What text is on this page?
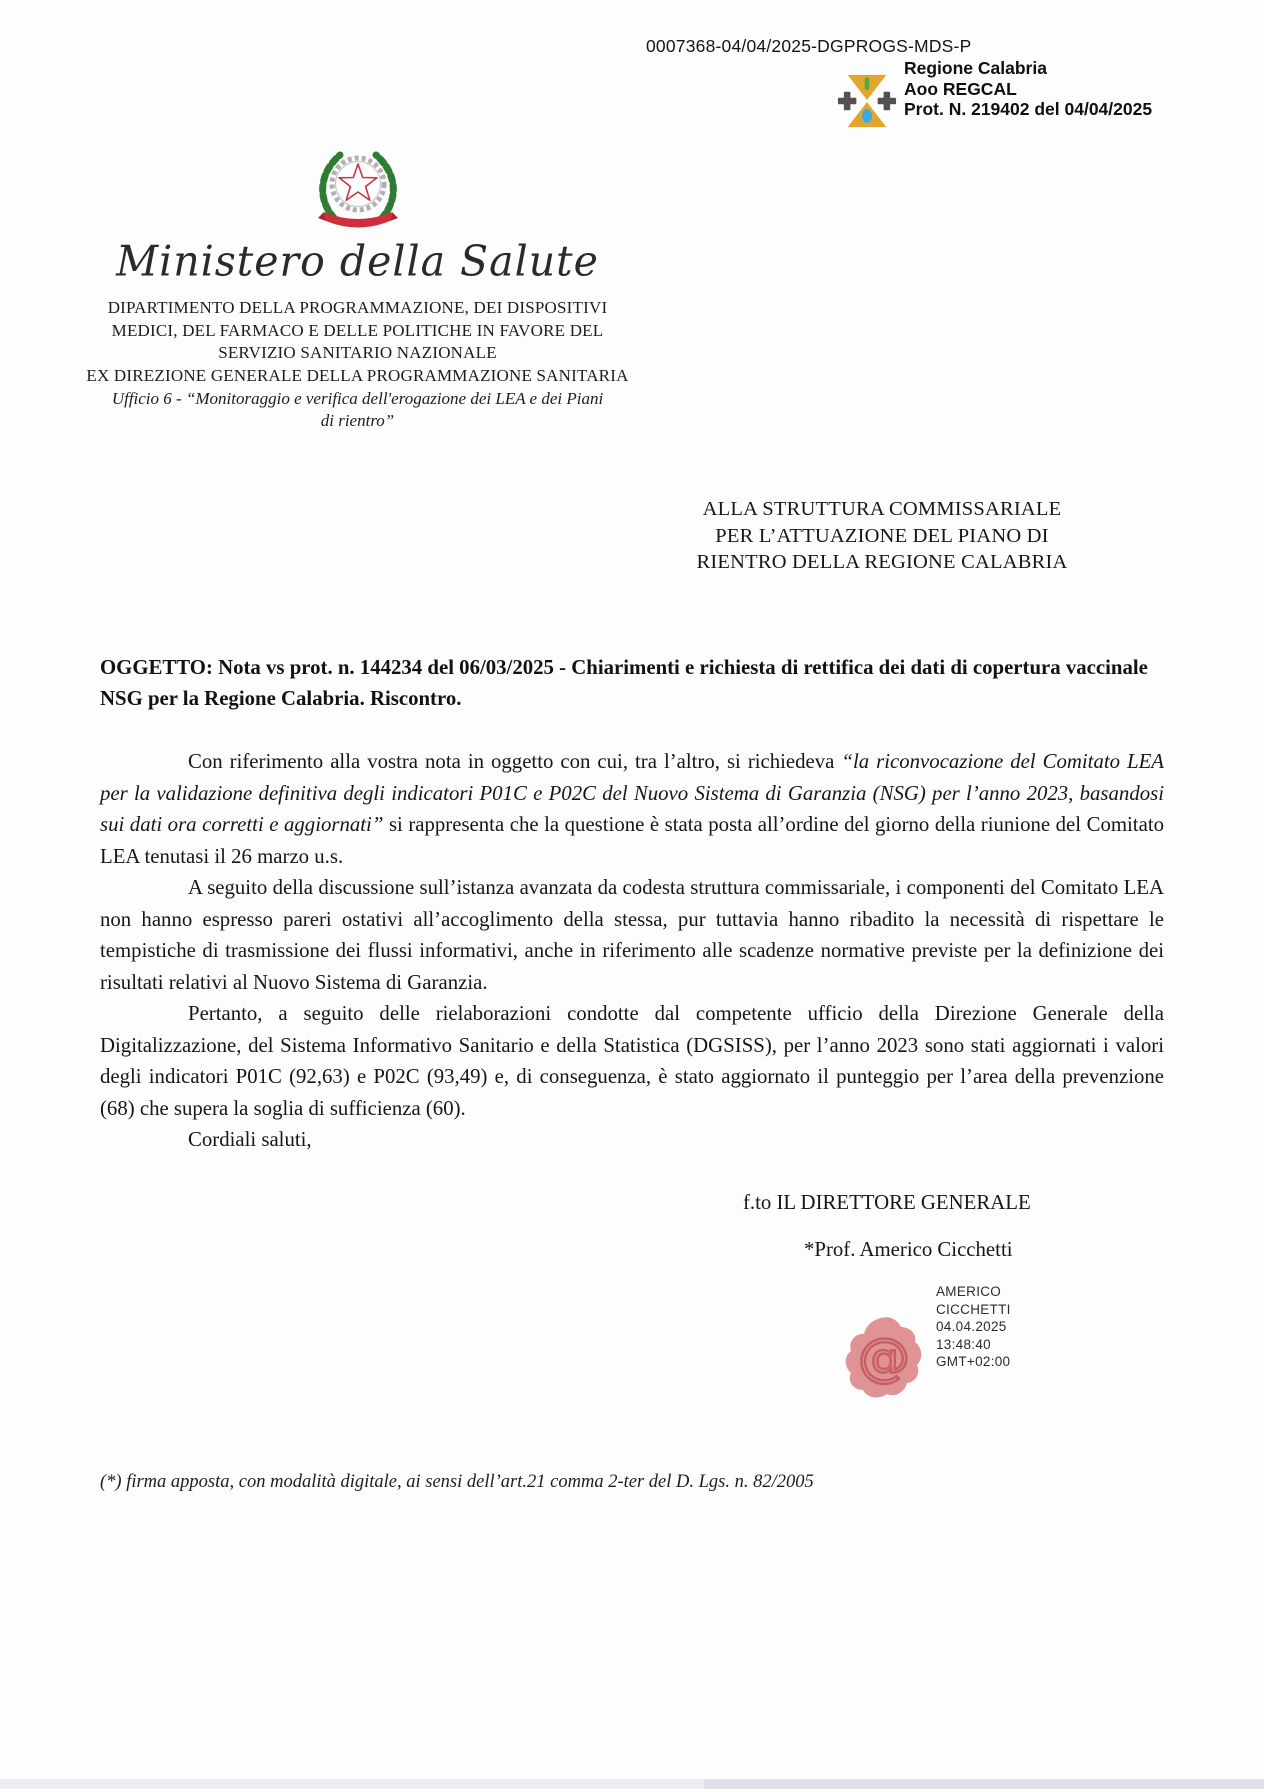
0007368-04/04/2025-DGPROGS-MDS-P
Regione Calabria
Aoo REGCAL
Prot. N. 219402 del 04/04/2025
Ministero della Salute
DIPARTIMENTO DELLA PROGRAMMAZIONE, DEI DISPOSITIVI
MEDICI, DEL FARMACO E DELLE POLITICHE IN FAVORE DEL
SERVIZIO SANITARIO NAZIONALE
EX DIREZIONE GENERALE DELLA PROGRAMMAZIONE SANITARIA
Ufficio 6 - “Monitoraggio e verifica dell'erogazione dei LEA e dei Piani di rientro”
ALLA STRUTTURA COMMISSARIALE
PER L’ATTUAZIONE DEL PIANO DI
RIENTRO DELLA REGIONE CALABRIA
OGGETTO: Nota vs prot. n. 144234 del 06/03/2025 - Chiarimenti e richiesta di rettifica dei dati di copertura vaccinale NSG per la Regione Calabria. Riscontro.

Con riferimento alla vostra nota in oggetto con cui, tra l’altro, si richiedeva “la riconvocazione del Comitato LEA per la validazione definitiva degli indicatori P01C e P02C del Nuovo Sistema di Garanzia (NSG) per l’anno 2023, basandosi sui dati ora corretti e aggiornati” si rappresenta che la questione è stata posta all’ordine del giorno della riunione del Comitato LEA tenutasi il 26 marzo u.s.

A seguito della discussione sull’istanza avanzata da codesta struttura commissariale, i componenti del Comitato LEA non hanno espresso pareri ostativi all’accoglimento della stessa, pur tuttavia hanno ribadito la necessità di rispettare le tempistiche di trasmissione dei flussi informativi, anche in riferimento alle scadenze normative previste per la definizione dei risultati relativi al Nuovo Sistema di Garanzia.

Pertanto, a seguito delle rielaborazioni condotte dal competente ufficio della Direzione Generale della Digitalizzazione, del Sistema Informativo Sanitario e della Statistica (DGSISS), per l’anno 2023 sono stati aggiornati i valori degli indicatori P01C (92,63) e P02C (93,49) e, di conseguenza, è stato aggiornato il punteggio per l’area della prevenzione (68) che supera la soglia di sufficienza (60).

Cordiali saluti,

f.to IL DIRETTORE GENERALE
*Prof. Americo Cicchetti
@
AMERICO
CICCHETTI
04.04.2025
13:48:40
GMT+02:00
(*) firma apposta, con modalità digitale, ai sensi dell’art.21 comma 2-ter del D. Lgs. n. 82/2005
